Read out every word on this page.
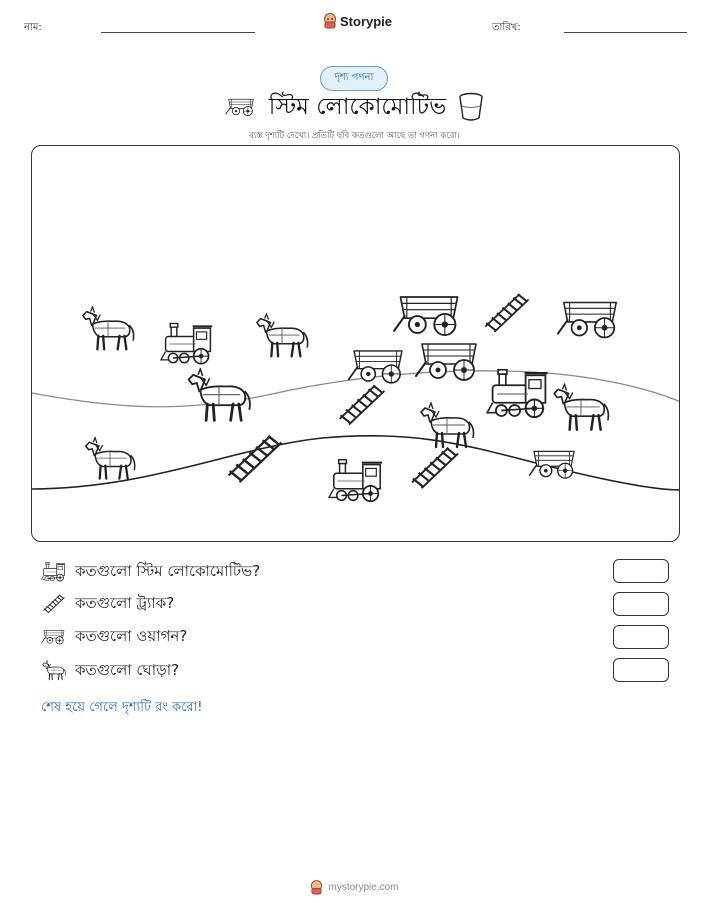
নাম:	Storypie	তারিখ:
দৃশ্য গণনা
স্টিম লোকোমোটিভ
ব্যস্ত দৃশ্যটি দেখো। প্রতিটি ছবি কতগুলো আছে তা গণনা করো।
কতগুলো স্টিম লোকোমোটিভ?
কতগুলো ট্র্যাক?
কতগুলো ওয়াগন?
কতগুলো ঘোড়া?
শেষ হয়ে গেলে দৃশ্যটি রং করো!
mystorypie.com
